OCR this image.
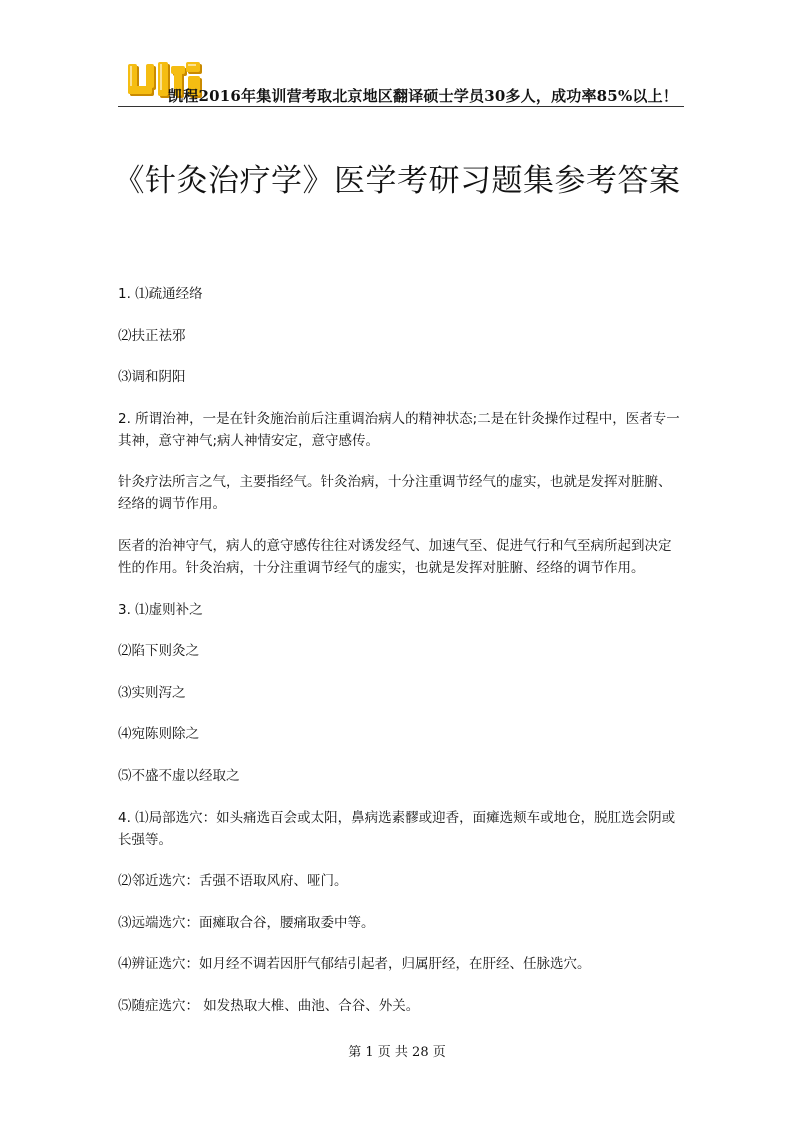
凯程2016年集训营考取北京地区翻译硕士学员30多人，成功率85%以上！
《针灸治疗学》医学考研习题集参考答案

1. ⑴疏通经络

⑵扶正祛邪

⑶调和阴阳

2. 所谓治神，一是在针灸施治前后注重调治病人的精神状态;二是在针灸操作过程中，医者专一其神，意守神气;病人神情安定，意守感传。

针灸疗法所言之气，主要指经气。针灸治病，十分注重调节经气的虚实，也就是发挥对脏腑、经络的调节作用。

医者的治神守气，病人的意守感传往往对诱发经气、加速气至、促进气行和气至病所起到决定性的作用。针灸治病，十分注重调节经气的虚实，也就是发挥对脏腑、经络的调节作用。

3. ⑴虚则补之

⑵陷下则灸之

⑶实则泻之

⑷宛陈则除之

⑸不盛不虚以经取之

4. ⑴局部选穴：如头痛选百会或太阳，鼻病选素髎或迎香，面瘫选颊车或地仓，脱肛选会阴或长强等。

⑵邻近选穴：舌强不语取风府、哑门。

⑶远端选穴：面瘫取合谷，腰痛取委中等。

⑷辨证选穴：如月经不调若因肝气郁结引起者，归属肝经，在肝经、任脉选穴。

⑸随症选穴： 如发热取大椎、曲池、合谷、外关。

第 1 页 共 28 页
